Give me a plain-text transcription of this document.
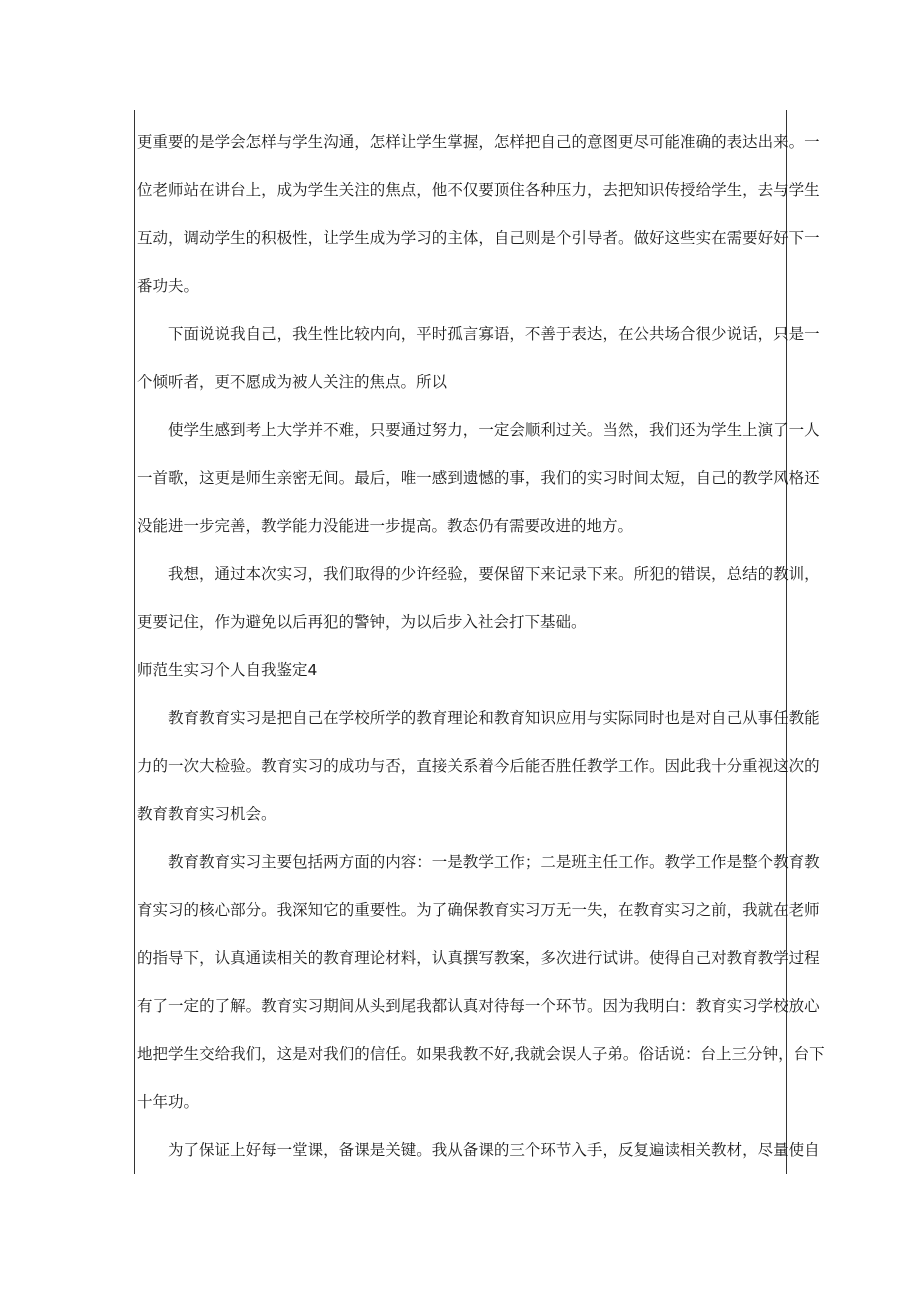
更 重 要 的 是 学 会 怎 样 与 学 生 沟 通 ， 怎 样 让 学 生 掌 握 ， 怎 样 把 自 己 的 意 图 更 尽 可 能 准 确 的 表 达 出 来 。 一
位 老 师 站 在 讲 台 上 ， 成 为 学 生 关 注 的 焦 点 ， 他 不 仅 要 顶 住 各 种 压 力 ， 去 把 知 识 传 授 给 学 生 ， 去 与 学 生
互 动 ， 调 动 学 生 的 积 极 性 ， 让 学 生 成 为 学 习 的 主 体 ， 自 己 则 是 个 引 导 者 。 做 好 这 些 实 在 需 要 好 好 下 一
番功夫。
下 面 说 说 我 自 己 ， 我 生 性 比 较 内 向 ， 平 时 孤 言 寡 语 ， 不 善 于 表 达 ， 在 公 共 场 合 很 少 说 话 ， 只 是 一
个倾听者，更不愿成为被人关注的焦点。所以
使 学 生 感 到 考 上 大 学 并 不 难 ， 只 要 通 过 努 力 ， 一 定 会 顺 利 过 关 。 当 然 ， 我 们 还 为 学 生 上 演 了 一 人
一 首 歌 ， 这 更 是 师 生 亲 密 无 间 。 最 后 ， 唯 一 感 到 遗 憾 的 事 ， 我 们 的 实 习 时 间 太 短 ， 自 己 的 教 学 风 格 还
没能进一步完善，教学能力没能进一步提高。教态仍有需要改进的地方。
我 想 ， 通 过 本 次 实 习 ， 我 们 取 得 的 少 许 经 验 ， 要 保 留 下 来 记 录 下 来 。 所 犯 的 错 误 ， 总 结 的 教 训 ，
更要记住，作为避免以后再犯的警钟，为以后步入社会打下基础。
师范生实习个人自我鉴定4
教 育 教 育 实 习 是 把 自 己 在 学 校 所 学 的 教 育 理 论 和 教 育 知 识 应 用 与 实 际 同 时 也 是 对 自 己 从 事 任 教 能
力 的 一 次 大 检 验 。 教 育 实 习 的 成 功 与 否 ， 直 接 关 系 着 今 后 能 否 胜 任 教 学 工 作 。 因 此 我 十 分 重 视 这 次 的
教育教育实习机会。
教 育 教 育 实 习 主 要 包 括 两 方 面 的 内 容 ： 一 是 教 学 工 作 ； 二 是 班 主 任 工 作 。 教 学 工 作 是 整 个 教 育 教
育 实 习 的 核 心 部 分 。 我 深 知 它 的 重 要 性 。 为 了 确 保 教 育 实 习 万 无 一 失 ， 在 教 育 实 习 之 前 ， 我 就 在 老 师
的 指 导 下 ， 认 真 通 读 相 关 的 教 育 理 论 材 料 ， 认 真 撰 写 教 案 ， 多 次 进 行 试 讲 。 使 得 自 己 对 教 育 教 学 过 程
有 了 一 定 的 了 解 。 教 育 实 习 期 间 从 头 到 尾 我 都 认 真 对 待 每 一 个 环 节 。 因 为 我 明 白 ： 教 育 实 习 学 校 放 心
地 把 学 生 交 给 我 们 ， 这 是 对 我 们 的 信 任 。 如 果 我 教 不 好 , 我 就 会 误 人 子 弟 。 俗 话 说 ： 台 上 三 分 钟 ， 台 下
十年功。
为 了 保 证 上 好 每 一 堂 课 ， 备 课 是 关 键 。 我 从 备 课 的 三 个 环 节 入 手 ， 反 复 遍 读 相 关 教 材 ， 尽 量 使 自
